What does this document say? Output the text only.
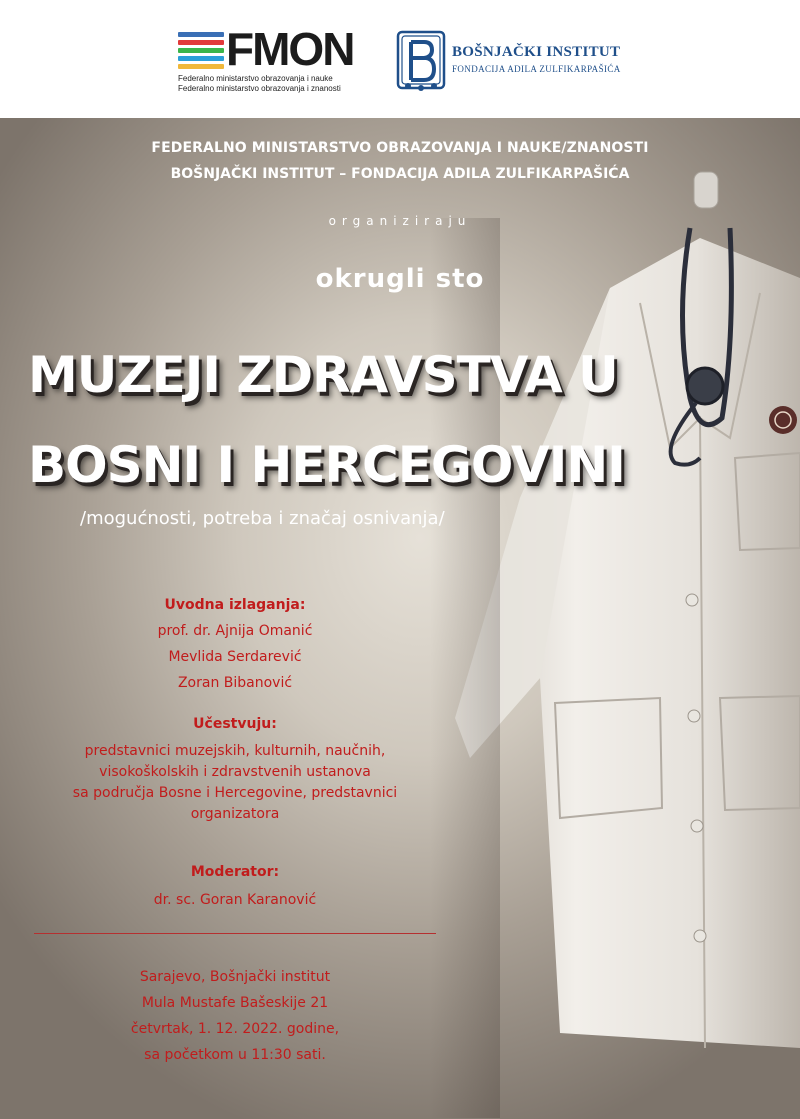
FMON
Federalno ministarstvo obrazovanja i nauke
Federalno ministarstvo obrazovanja i znanosti
BOŠNJAČKI INSTITUT
FONDACIJA ADILA ZULFIKARPAŠIĆA
FEDERALNO MINISTARSTVO OBRAZOVANJA I NAUKE/ZNANOSTI
BOŠNJAČKI INSTITUT – FONDACIJA ADILA ZULFIKARPAŠIĆA
organiziraju
okrugli sto
MUZEJI ZDRAVSTVA U
BOSNI I HERCEGOVINI
/mogućnosti, potreba i značaj osnivanja/
Uvodna izlaganja:
prof. dr. Ajnija Omanić
Mevlida Serdarević
Zoran Bibanović
Učestvuju:
predstavnici muzejskih, kulturnih, naučnih,
visokoškolskih i zdravstvenih ustanova
sa područja Bosne i Hercegovine, predstavnici
organizatora
Moderator:
dr. sc. Goran Karanović
Sarajevo, Bošnjački institut
Mula Mustafe Bašeskije 21
četvrtak, 1. 12. 2022. godine,
sa početkom u 11:30 sati.
